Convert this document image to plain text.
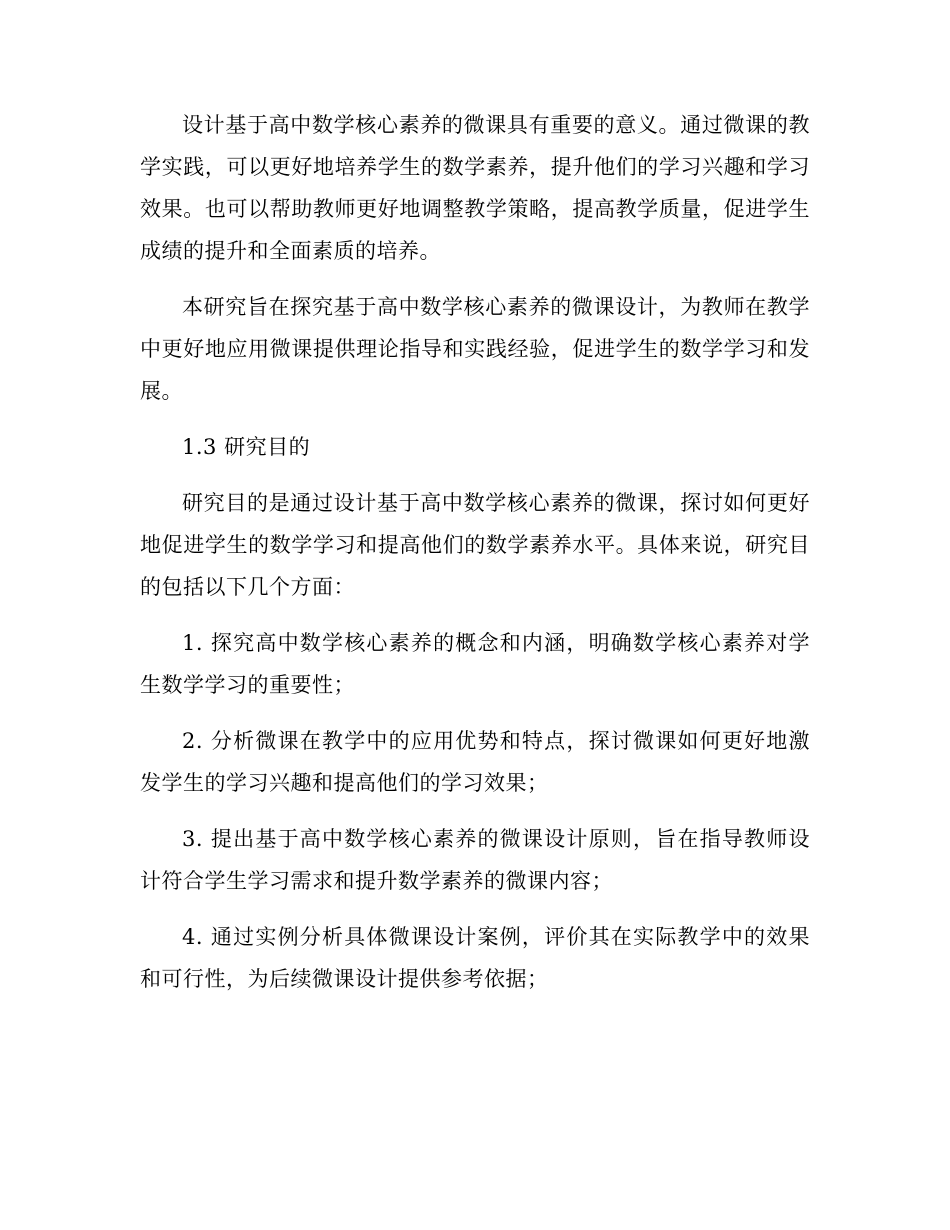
设计基于高中数学核心素养的微课具有重要的意义。通过微课的教学实践，可以更好地培养学生的数学素养，提升他们的学习兴趣和学习效果。也可以帮助教师更好地调整教学策略，提高教学质量，促进学生成绩的提升和全面素质的培养。

本研究旨在探究基于高中数学核心素养的微课设计，为教师在教学中更好地应用微课提供理论指导和实践经验，促进学生的数学学习和发展。

1.3 研究目的

研究目的是通过设计基于高中数学核心素养的微课，探讨如何更好地促进学生的数学学习和提高他们的数学素养水平。具体来说，研究目的包括以下几个方面：

1. 探究高中数学核心素养的概念和内涵，明确数学核心素养对学生数学学习的重要性；

2. 分析微课在教学中的应用优势和特点，探讨微课如何更好地激发学生的学习兴趣和提高他们的学习效果；

3. 提出基于高中数学核心素养的微课设计原则，旨在指导教师设计符合学生学习需求和提升数学素养的微课内容；

4. 通过实例分析具体微课设计案例，评价其在实际教学中的效果和可行性，为后续微课设计提供参考依据；
